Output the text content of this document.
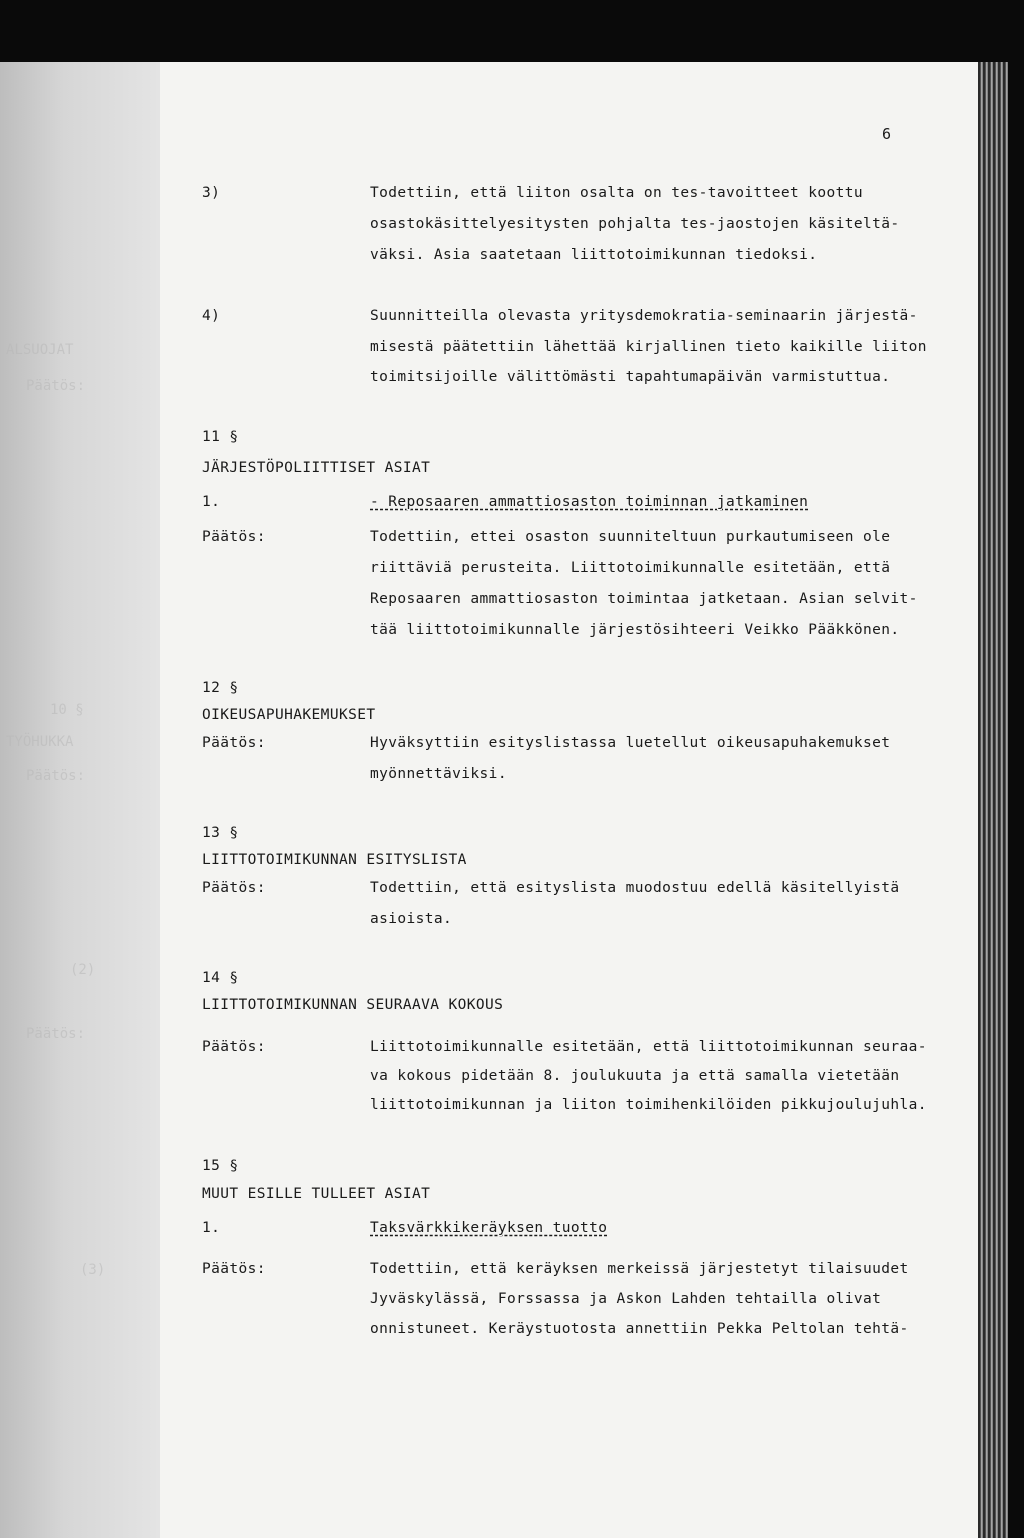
ALSUOJAT
Päätös:
10 §
TYÖHUKKA
Päätös:
(2)
Päätös:
(3)
6
3)	Todettiin, että liiton osalta on tes-tavoitteet koottu
osastokäsittelyesitysten pohjalta tes-jaostojen käsiteltä-
väksi. Asia saatetaan liittotoimikunnan tiedoksi.
4)	Suunnitteilla olevasta yritysdemokratia-seminaarin järjestä-
misestä päätettiin lähettää kirjallinen tieto kaikille liiton
toimitsijoille välittömästi tapahtumapäivän varmistuttua.
11 §
JÄRJESTÖPOLIITTISET ASIAT
1.	- Reposaaren ammattiosaston toiminnan jatkaminen
Päätös:	Todettiin, ettei osaston suunniteltuun purkautumiseen ole
riittäviä perusteita. Liittotoimikunnalle esitetään, että
Reposaaren ammattiosaston toimintaa jatketaan. Asian selvit-
tää liittotoimikunnalle järjestösihteeri Veikko Pääkkönen.
12 §
OIKEUSAPUHAKEMUKSET
Päätös:	Hyväksyttiin esityslistassa luetellut oikeusapuhakemukset
myönnettäviksi.
13 §
LIITTOTOIMIKUNNAN ESITYSLISTA
Päätös:	Todettiin, että esityslista muodostuu edellä käsitellyistä
asioista.
14 §
LIITTOTOIMIKUNNAN SEURAAVA KOKOUS
Päätös:	Liittotoimikunnalle esitetään, että liittotoimikunnan seuraa-
va kokous pidetään 8. joulukuuta ja että samalla vietetään
liittotoimikunnan ja liiton toimihenkilöiden pikkujoulujuhla.
15 §
MUUT ESILLE TULLEET ASIAT
1.	Taksvärkkikeräyksen tuotto
Päätös:	Todettiin, että keräyksen merkeissä järjestetyt tilaisuudet
Jyväskylässä, Forssassa ja Askon Lahden tehtailla olivat
onnistuneet. Keräystuotosta annettiin Pekka Peltolan tehtä-
